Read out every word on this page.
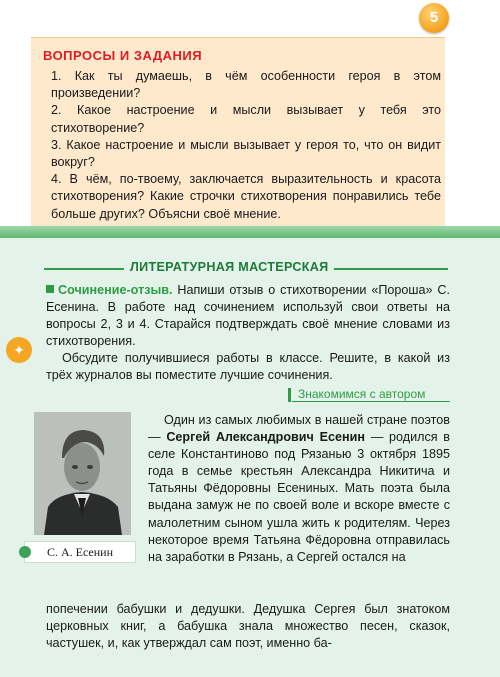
5
ВОПРОСЫ И ЗАДАНИЯ
1. Как ты думаешь, в чём особенности героя в этом произведении?
2. Какое настроение и мысли вызывает у тебя это стихотворение?
3. Какое настроение и мысли вызывает у героя то, что он видит вокруг?
4. В чём, по-твоему, заключается выразительность и красота стихотворения? Какие строчки стихотворения понравились тебе больше других? Объясни своё мнение.
ЛИТЕРАТУРНАЯ МАСТЕРСКАЯ
✦

Сочинение-отзыв. Напиши отзыв о стихотворении «Пороша» С. Есенина. В работе над сочинением используй свои ответы на вопросы 2, 3 и 4. Старайся подтверждать своё мнение словами из стихотворения.

Обсудите получившиеся работы в классе. Решите, в какой из трёх журналов вы поместите лучшие сочинения.

Знакомимся с автором
С. А. Есенин

Один из самых любимых в нашей стране поэтов — Сергей Александрович Есенин — родился в селе Константиново под Рязанью 3 октября 1895 года в семье крестьян Александра Никитича и Татьяны Фёдоровны Есениных. Мать поэта была выдана замуж не по своей воле и вскоре вместе с малолетним сыном ушла жить к родителям. Через некоторое время Татьяна Фёдоровна отправилась на заработки в Рязань, а Сергей остался на

попечении бабушки и дедушки. Дедушка Сергея был знатоком церковных книг, а бабушка знала множество песен, сказок, частушек, и, как утверждал сам поэт, именно ба-
